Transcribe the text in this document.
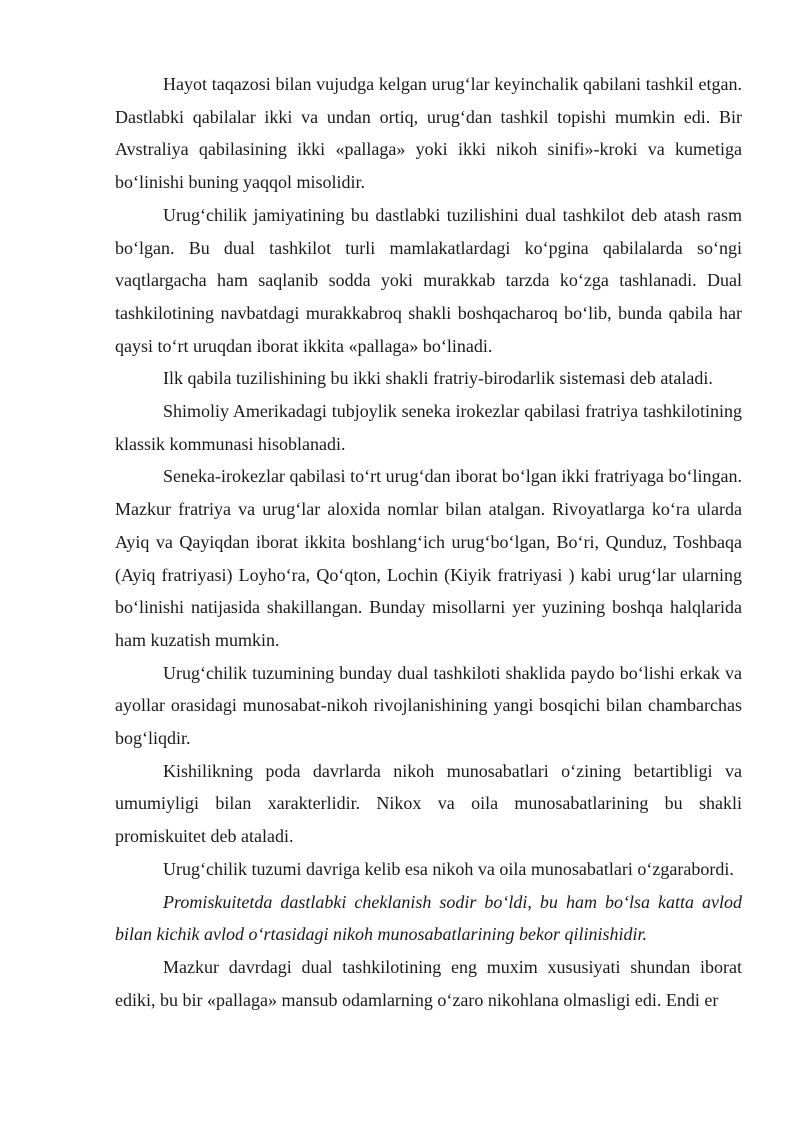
Hayot taqazosi bilan vujudga kelgan urug‘lar keyinchalik qabilani tashkil etgan. Dastlabki qabilalar ikki va undan ortiq, urug‘dan tashkil topishi mumkin edi. Bir Avstraliya qabilasining ikki «pallaga» yoki ikki nikoh sinifi»-kroki va kumetiga bo‘linishi buning yaqqol misolidir.

Urug‘chilik jamiyatining bu dastlabki tuzilishini dual tashkilot deb atash rasm bo‘lgan. Bu dual tashkilot turli mamlakatlardagi ko‘pgina qabilalarda so‘ngi vaqtlargacha ham saqlanib sodda yoki murakkab tarzda ko‘zga tashlanadi. Dual tashkilotining navbatdagi murakkabroq shakli boshqacharoq bo‘lib, bunda qabila har qaysi to‘rt uruqdan iborat ikkita «pallaga» bo‘linadi.

Ilk qabila tuzilishining bu ikki shakli fratriy-birodarlik sistemasi deb ataladi.

Shimoliy Amerikadagi tubjoylik seneka irokezlar qabilasi fratriya tashkilotining klassik kommunasi hisoblanadi.

Seneka-irokezlar qabilasi to‘rt urug‘dan iborat bo‘lgan ikki fratriyaga bo‘lingan. Mazkur fratriya va urug‘lar aloxida nomlar bilan atalgan. Rivoyatlarga ko‘ra ularda Ayiq va Qayiqdan iborat ikkita boshlang‘ich urug‘bo‘lgan, Bo‘ri, Qunduz, Toshbaqa (Ayiq fratriyasi) Loyho‘ra, Qo‘qton, Lochin (Kiyik fratriyasi ) kabi urug‘lar ularning bo‘linishi natijasida shakillangan. Bunday misollarni yer yuzining boshqa halqlarida ham kuzatish mumkin.

Urug‘chilik tuzumining bunday dual tashkiloti shaklida paydo bo‘lishi erkak va ayollar orasidagi munosabat-nikoh rivojlanishining yangi bosqichi bilan chambarchas bog‘liqdir.

Kishilikning poda davrlarda nikoh munosabatlari o‘zining betartibligi va umumiyligi bilan xarakterlidir. Nikox va oila munosabatlarining bu shakli promiskuitet deb ataladi.

Urug‘chilik tuzumi davriga kelib esa nikoh va oila munosabatlari o‘zgarabordi.

Promiskuitetda dastlabki cheklanish sodir bo‘ldi, bu ham bo‘lsa katta avlod bilan kichik avlod o‘rtasidagi nikoh munosabatlarining bekor qilinishidir.

Mazkur davrdagi dual tashkilotining eng muxim xususiyati shundan iborat ediki, bu bir «pallaga» mansub odamlarning o‘zaro nikohlana olmasligi edi. Endi er
